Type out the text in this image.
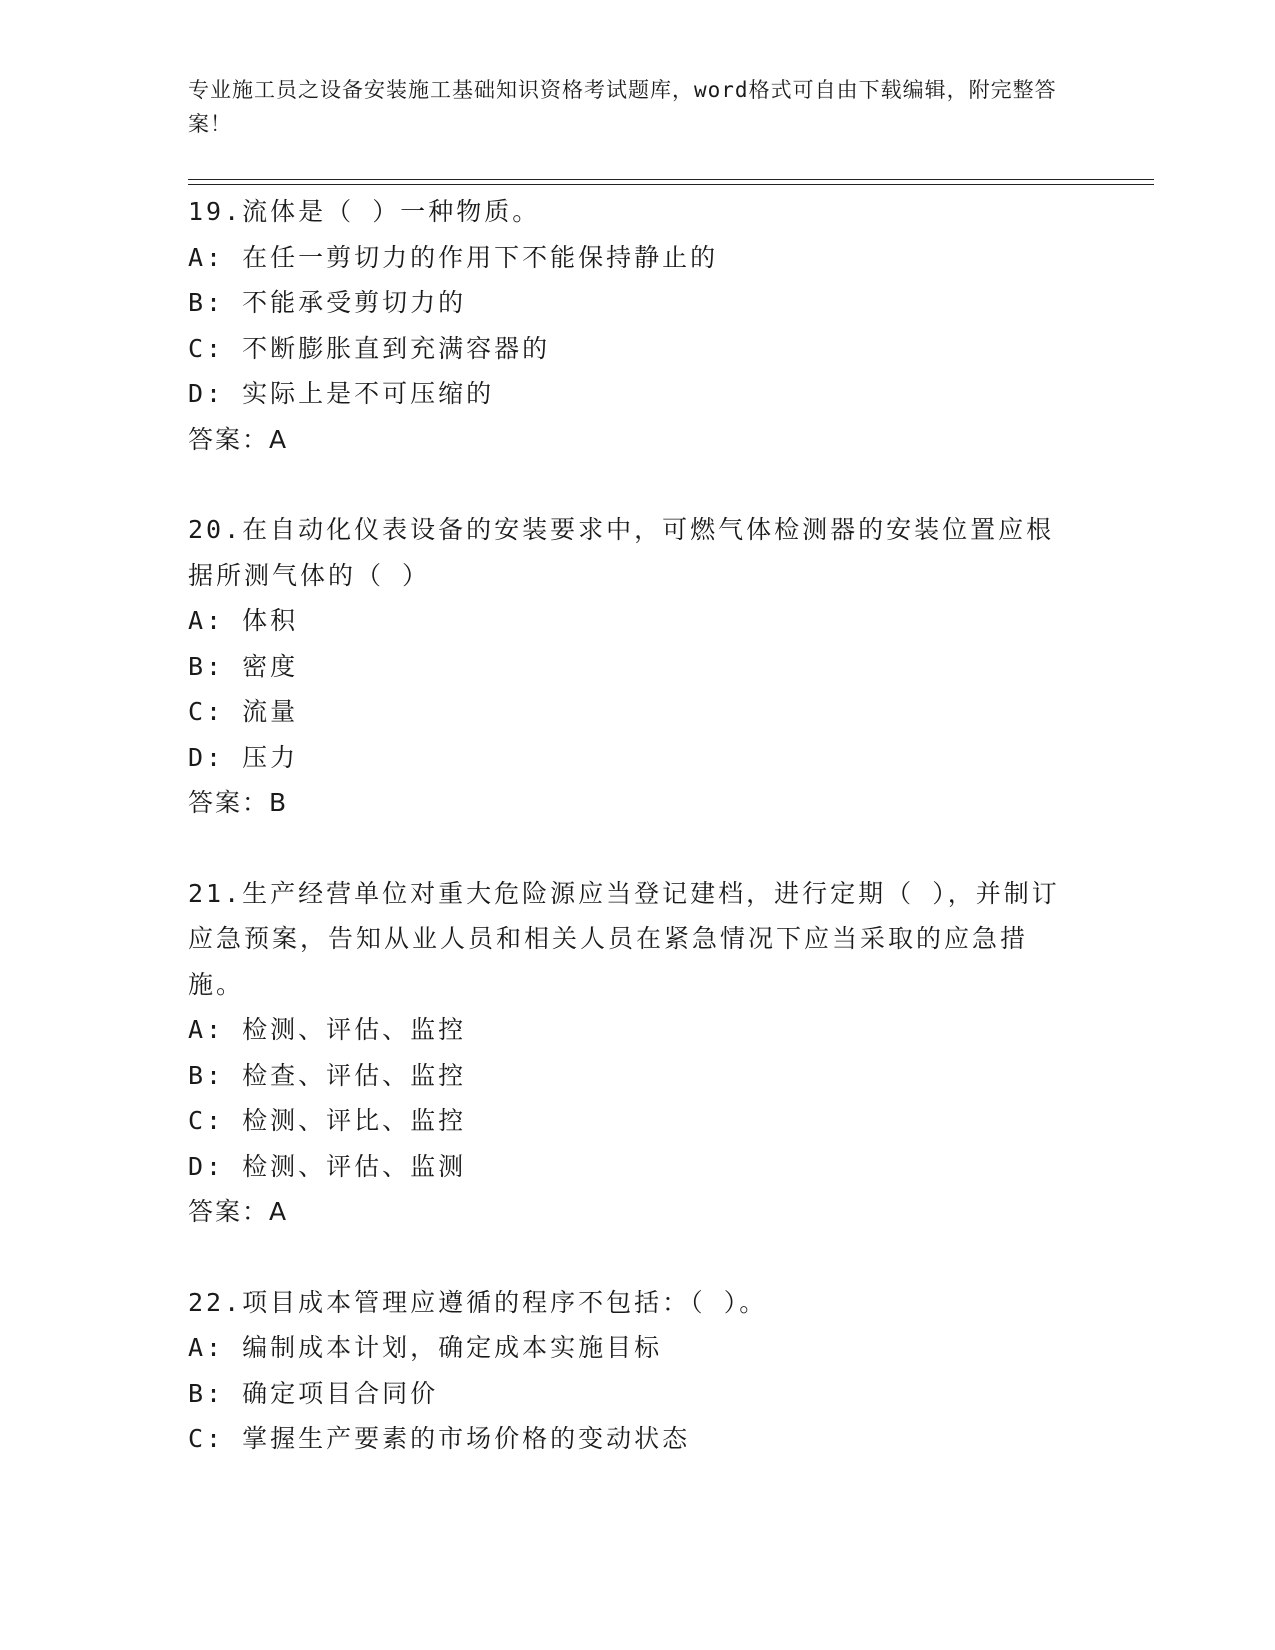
专业施工员之设备安装施工基础知识资格考试题库，word格式可自由下载编辑，附完整答案！
19.流体是（ ）一种物质。
A: 在任一剪切力的作用下不能保持静止的
B: 不能承受剪切力的
C: 不断膨胀直到充满容器的
D: 实际上是不可压缩的
答案：A
20.在自动化仪表设备的安装要求中，可燃气体检测器的安装位置应根据所测气体的（ ）
A: 体积
B: 密度
C: 流量
D: 压力
答案：B
21.生产经营单位对重大危险源应当登记建档，进行定期（ ），并制订应急预案，告知从业人员和相关人员在紧急情况下应当采取的应急措施。
A: 检测、评估、监控
B: 检查、评估、监控
C: 检测、评比、监控
D: 检测、评估、监测
答案：A
22.项目成本管理应遵循的程序不包括：（ ）。
A: 编制成本计划，确定成本实施目标
B: 确定项目合同价
C: 掌握生产要素的市场价格的变动状态
